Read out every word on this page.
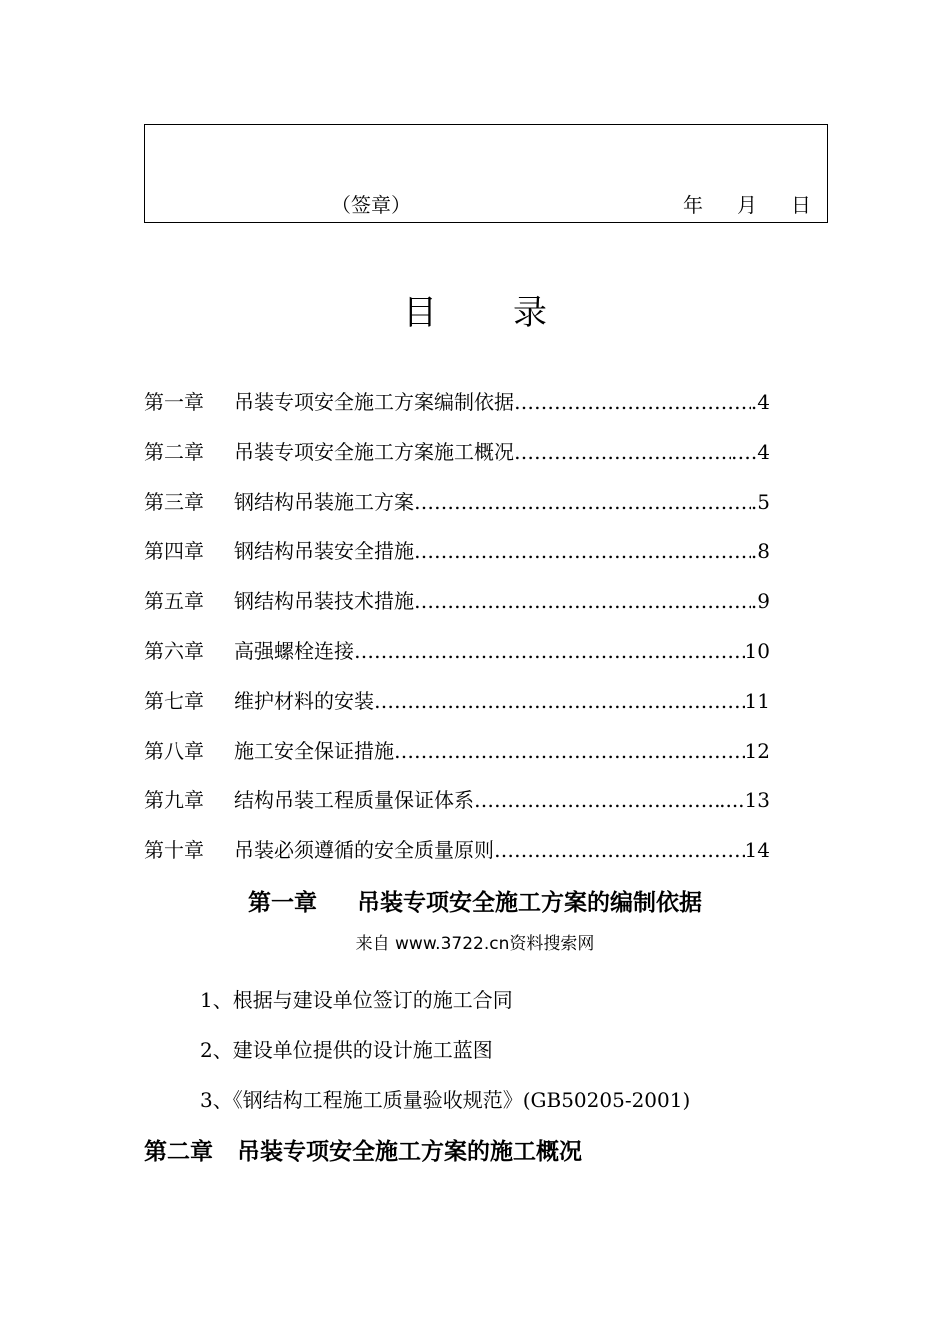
（签章）	年 月 日
目 录
第一章	吊装专项安全施工方案编制依据 ……………………………………………………………………………………………………………	.4
第二章	吊装专项安全施工方案施工概况 ……………………………………………………………………………………………………………	….4
第三章	钢结构吊装施工方案 ……………………………………………………………………………………………………………	.5
第四章	钢结构吊装安全措施 ……………………………………………………………………………………………………………	.8
第五章	钢结构吊装技术措施 ……………………………………………………………………………………………………………	.9
第六章	高强螺栓连接 ……………………………………………………………………………………………………………	10
第七章	维护材料的安装 ……………………………………………………………………………………………………………	11
第八章	施工安全保证措施 ……………………………………………………………………………………………………………	12
第九章	结构吊装工程质量保证体系 ……………………………………………………………………………………………………………	....13
第十章	吊装必须遵循的安全质量原则 ……………………………………………………………………………………………………………	14
第一章 吊装专项安全施工方案的编制依据
来自 www.3722.cn资料搜索网
1、根据与建设单位签订的施工合同
2、建设单位提供的设计施工蓝图
3、《钢结构工程施工质量验收规范》(GB50205-2001)
第二章 吊装专项安全施工方案的施工概况
